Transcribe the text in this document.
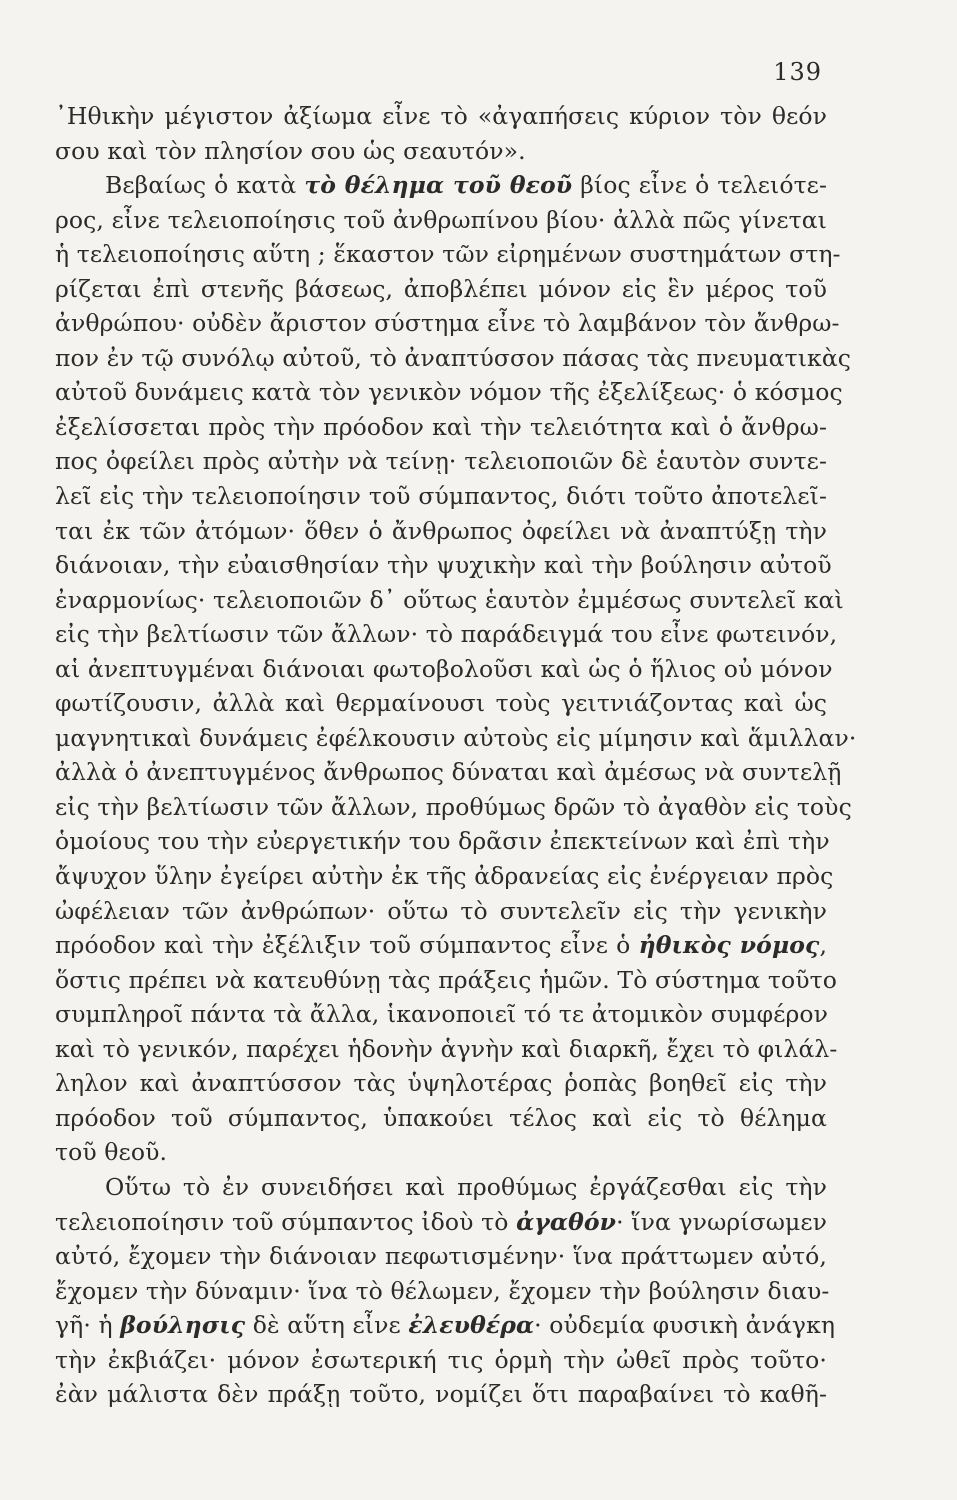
139
᾿Ηθικὴν μέγιστον ἀξίωμα εἶνε τὸ «ἀγαπήσεις κύριον τὸν θεόν
σου καὶ τὸν πλησίον σου ὡς σεαυτόν».
Βεβαίως ὁ κατὰ τὸ θέλημα τοῦ θεοῦ βίος εἶνε ὁ τελειότε-
ρος, εἶνε τελειοποίησις τοῦ ἀνθρωπίνου βίου· ἀλλὰ πῶς γίνεται
ἡ τελειοποίησις αὕτη ; ἕκαστον τῶν εἰρημένων συστημάτων στη-
ρίζεται ἐπὶ στενῆς βάσεως, ἀποβλέπει μόνον εἰς ἓν μέρος τοῦ
ἀνθρώπου· οὐδὲν ἄριστον σύστημα εἶνε τὸ λαμβάνον τὸν ἄνθρω-
πον ἐν τῷ συνόλῳ αὐτοῦ, τὸ ἀναπτύσσον πάσας τὰς πνευματικὰς
αὐτοῦ δυνάμεις κατὰ τὸν γενικὸν νόμον τῆς ἐξελίξεως· ὁ κόσμος
ἐξελίσσεται πρὸς τὴν πρόοδον καὶ τὴν τελειότητα καὶ ὁ ἄνθρω-
πος ὀφείλει πρὸς αὐτὴν νὰ τείνῃ· τελειοποιῶν δὲ ἑαυτὸν συντε-
λεῖ εἰς τὴν τελειοποίησιν τοῦ σύμπαντος, διότι τοῦτο ἀποτελεῖ-
ται ἐκ τῶν ἀτόμων· ὅθεν ὁ ἄνθρωπος ὀφείλει νὰ ἀναπτύξῃ τὴν
διάνοιαν, τὴν εὐαισθησίαν τὴν ψυχικὴν καὶ τὴν βούλησιν αὐτοῦ
ἐναρμονίως· τελειοποιῶν δ᾿ οὕτως ἑαυτὸν ἐμμέσως συντελεῖ καὶ
εἰς τὴν βελτίωσιν τῶν ἄλλων· τὸ παράδειγμά του εἶνε φωτεινόν,
αἱ ἀνεπτυγμέναι διάνοιαι φωτοβολοῦσι καὶ ὡς ὁ ἥλιος οὐ μόνον
φωτίζουσιν, ἀλλὰ καὶ θερμαίνουσι τοὺς γειτνιάζοντας καὶ ὡς
μαγνητικαὶ δυνάμεις ἐφέλκουσιν αὐτοὺς εἰς μίμησιν καὶ ἅμιλλαν·
ἀλλὰ ὁ ἀνεπτυγμένος ἄνθρωπος δύναται καὶ ἀμέσως νὰ συντελῇ
εἰς τὴν βελτίωσιν τῶν ἄλλων, προθύμως δρῶν τὸ ἀγαθὸν εἰς τοὺς
ὁμοίους του τὴν εὐεργετικήν του δρᾶσιν ἐπεκτείνων καὶ ἐπὶ τὴν
ἄψυχον ὕλην ἐγείρει αὐτὴν ἐκ τῆς ἀδρανείας εἰς ἐνέργειαν πρὸς
ὠφέλειαν τῶν ἀνθρώπων· οὕτω τὸ συντελεῖν εἰς τὴν γενικὴν
πρόοδον καὶ τὴν ἐξέλιξιν τοῦ σύμπαντος εἶνε ὁ ἠθικὸς νόμος,
ὅστις πρέπει νὰ κατευθύνῃ τὰς πράξεις ἡμῶν. Τὸ σύστημα τοῦτο
συμπληροῖ πάντα τὰ ἄλλα, ἱκανοποιεῖ τό τε ἀτομικὸν συμφέρον
καὶ τὸ γενικόν, παρέχει ἡδονὴν ἁγνὴν καὶ διαρκῆ, ἔχει τὸ φιλάλ-
ληλον καὶ ἀναπτύσσον τὰς ὑψηλοτέρας ῥοπὰς βοηθεῖ εἰς τὴν
πρόοδον τοῦ σύμπαντος, ὑπακούει τέλος καὶ εἰς τὸ θέλημα
τοῦ θεοῦ.
Οὕτω τὸ ἐν συνειδήσει καὶ προθύμως ἐργάζεσθαι εἰς τὴν
τελειοποίησιν τοῦ σύμπαντος ἰδοὺ τὸ ἀγαθόν· ἵνα γνωρίσωμεν
αὐτό, ἔχομεν τὴν διάνοιαν πεφωτισμένην· ἵνα πράττωμεν αὐτό,
ἔχομεν τὴν δύναμιν· ἵνα τὸ θέλωμεν, ἔχομεν τὴν βούλησιν διαυ-
γῆ· ἡ βούλησις δὲ αὕτη εἶνε ἐλευθέρα· οὐδεμία φυσικὴ ἀνάγκη
τὴν ἐκβιάζει· μόνον ἐσωτερική τις ὁρμὴ τὴν ὠθεῖ πρὸς τοῦτο·
ἐὰν μάλιστα δὲν πράξῃ τοῦτο, νομίζει ὅτι παραβαίνει τὸ καθῆ-
